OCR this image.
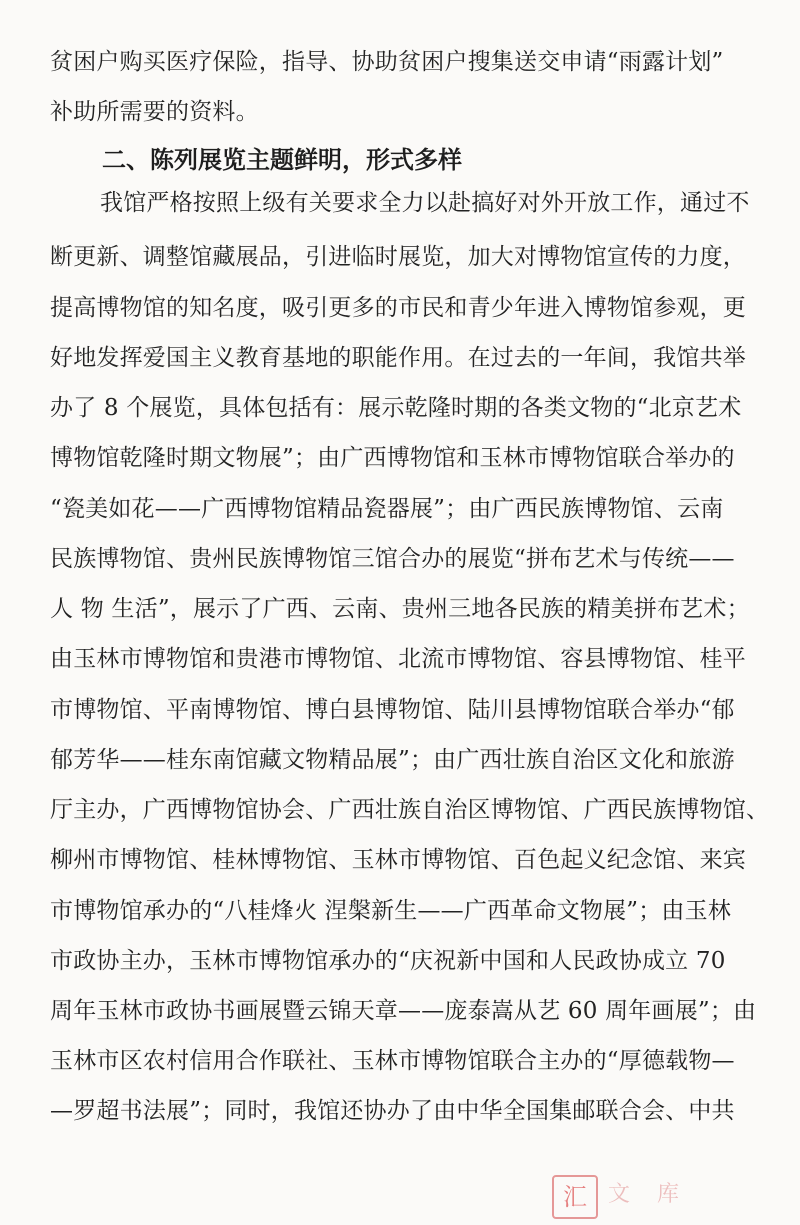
贫困户购买医疗保险，指导、协助贫困户搜集送交申请“雨露计划”
补助所需要的资料。
二、陈列展览主题鲜明，形式多样
我馆严格按照上级有关要求全力以赴搞好对外开放工作，通过不
断更新、调整馆藏展品，引进临时展览，加大对博物馆宣传的力度，
提高博物馆的知名度，吸引更多的市民和青少年进入博物馆参观，更
好地发挥爱国主义教育基地的职能作用。在过去的一年间，我馆共举
办了 8 个展览，具体包括有：展示乾隆时期的各类文物的“北京艺术
博物馆乾隆时期文物展”；由广西博物馆和玉林市博物馆联合举办的
“瓷美如花——广西博物馆精品瓷器展”；由广西民族博物馆、云南
民族博物馆、贵州民族博物馆三馆合办的展览“拼布艺术与传统——
人 物 生活”，展示了广西、云南、贵州三地各民族的精美拼布艺术；
由玉林市博物馆和贵港市博物馆、北流市博物馆、容县博物馆、桂平
市博物馆、平南博物馆、博白县博物馆、陆川县博物馆联合举办“郁
郁芳华——桂东南馆藏文物精品展”；由广西壮族自治区文化和旅游
厅主办，广西博物馆协会、广西壮族自治区博物馆、广西民族博物馆、
柳州市博物馆、桂林博物馆、玉林市博物馆、百色起义纪念馆、来宾
市博物馆承办的“八桂烽火 涅槃新生——广西革命文物展”；由玉林
市政协主办，玉林市博物馆承办的“庆祝新中国和人民政协成立 70
周年玉林市政协书画展暨云锦天章——庞泰嵩从艺 60 周年画展”；由
玉林市区农村信用合作联社、玉林市博物馆联合主办的“厚德载物—
—罗超书法展”；同时，我馆还协办了由中华全国集邮联合会、中共
汇 文 库
